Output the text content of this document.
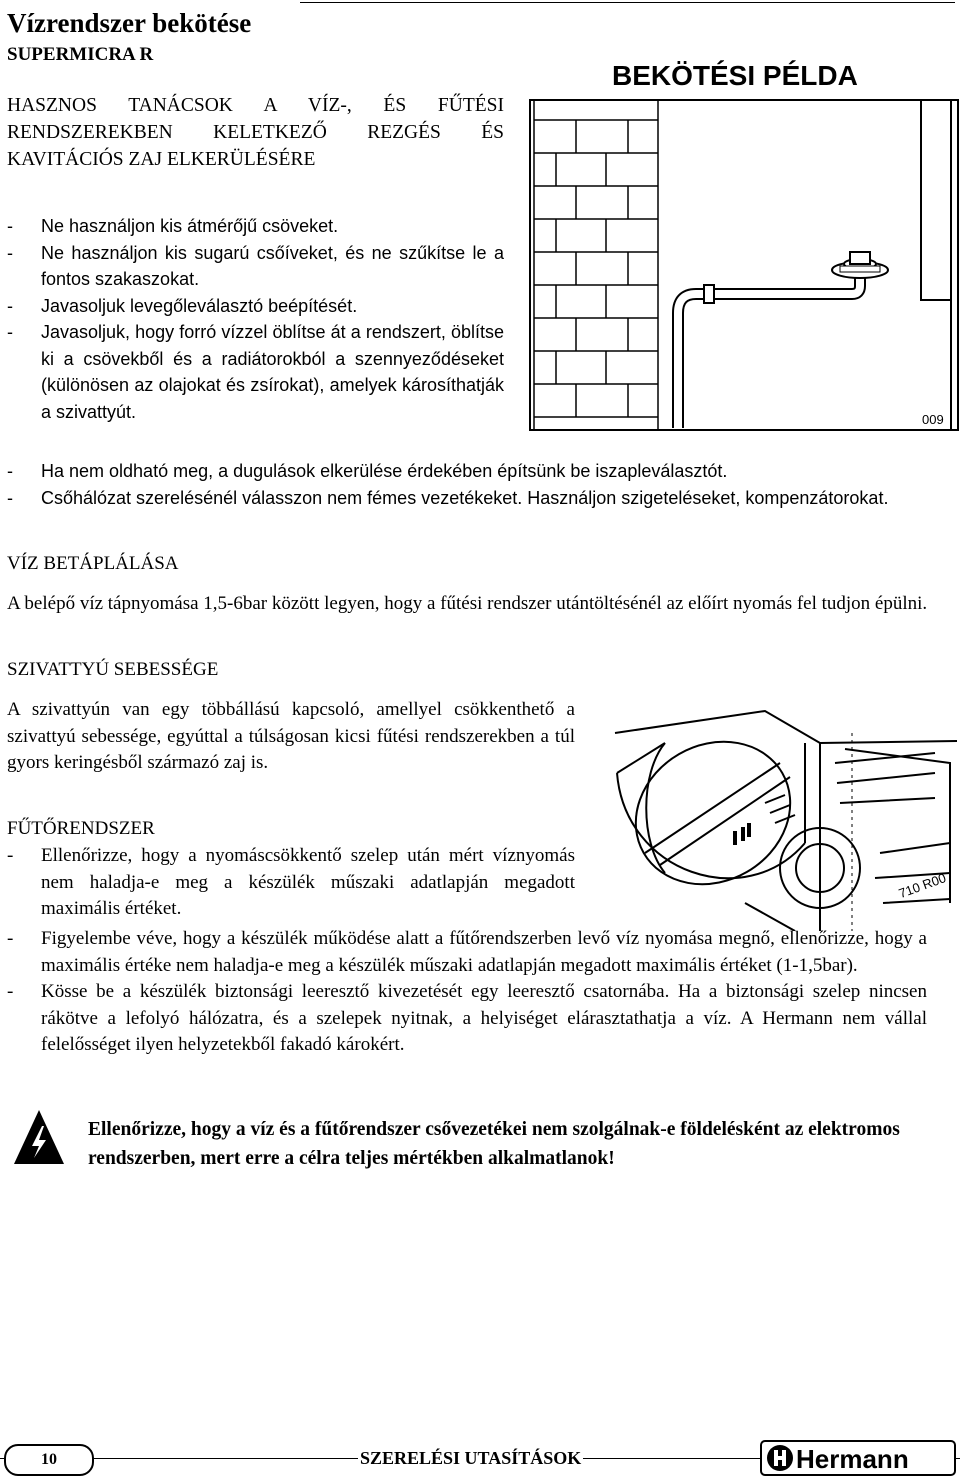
Vízrendszer bekötése
SUPERMICRA R
HASZNOS TANÁCSOK A VÍZ-, ÉS FŰTÉSI RENDSZEREKBEN KELETKEZŐ REZGÉS ÉS KAVITÁCIÓS ZAJ ELKERÜLÉSÉRE
- Ne használjon kis átmérőjű csöveket.
- Ne használjon kis sugarú csőíveket, és ne szűkítse le a fontos szakaszokat.
- Javasoljuk levegőleválasztó beépítését.
- Javasoljuk, hogy forró vízzel öblítse át a rendszert, öblítse ki a csövekből és a radiátorokból a szennyeződéseket (különösen az olajokat és zsírokat), amelyek károsíthatják a szivattyút.
- Ha nem oldható meg, a dugulások elkerülése érdekében építsünk be iszapleválasztót.
- Csőhálózat szerelésénél válasszon nem fémes vezetékeket. Használjon szigeteléseket, kompenzátorokat.
BEKÖTÉSI PÉLDA
009
VÍZ BETÁPLÁLÁSA
A belépő víz tápnyomása 1,5-6bar között legyen, hogy a fűtési rendszer utántöltésénél az előírt nyomás fel tudjon épülni.
SZIVATTYÚ SEBESSÉGE
A szivattyún van egy többállású kapcsoló, amellyel csökkenthető a szivattyú sebessége, egyúttal a túlságosan kicsi fűtési rendszerekben a túl gyors keringésből származó zaj is.
710 R00
FŰTŐRENDSZER
- Ellenőrizze, hogy a nyomáscsökkentő szelep után mért víznyomás nem haladja-e meg a készülék műszaki adatlapján megadott maximális értéket.
- Figyelembe véve, hogy a készülék működése alatt a fűtőrendszerben levő víz nyomása megnő, ellenőrizze, hogy a maximális értéke nem haladja-e meg a készülék műszaki adatlapján megadott maximális értéket (1-1,5bar).
- Kösse be a készülék biztonsági leeresztő kivezetését egy leeresztő csatornába. Ha a biztonsági szelep nincsen rákötve a lefolyó hálózatra, és a szelepek nyitnak, a helyiséget elárasztathatja a víz. A Hermann nem vállal felelősséget ilyen helyzetekből fakadó károkért.
Ellenőrizze, hogy a víz és a fűtőrendszer csővezetékei nem szolgálnak-e földelésként az elektromos rendszerben, mert erre a célra teljes mértékben alkalmatlanok!
10	SZERELÉSI UTASÍTÁSOK	Hermann
